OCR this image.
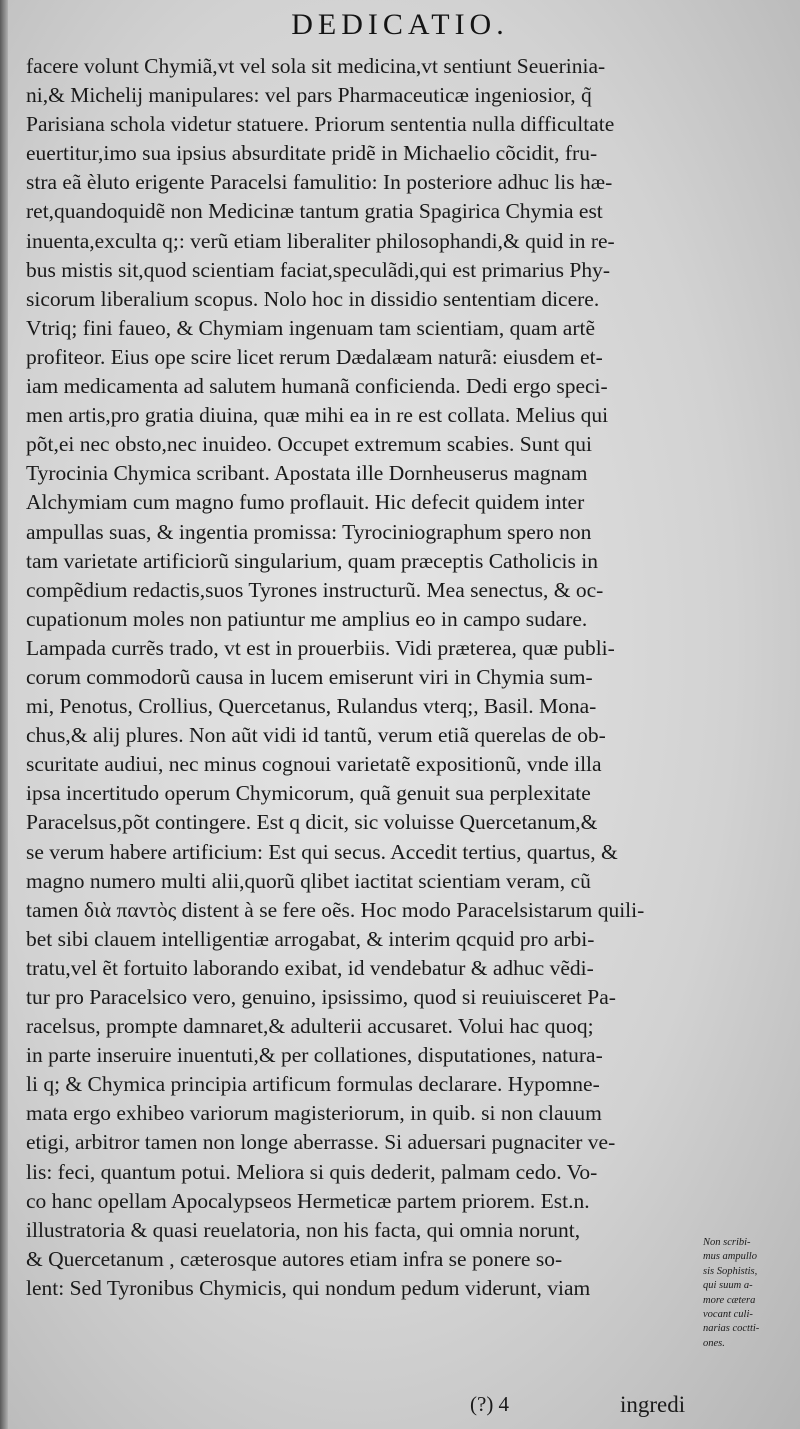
DEDICATIO.
facere volunt Chymiã,vt vel sola sit medicina,vt sentiunt Seuerinia-
ni,& Michelij manipulares: vel pars Pharmaceuticæ ingeniosior, q̃
Parisiana schola videtur statuere. Priorum sententia nulla difficultate
euertitur,imo sua ipsius absurditate pridẽ in Michaelio cõcidit, fru-
stra eã èluto erigente Paracelsi famulitio: In posteriore adhuc lis hæ-
ret,quandoquidẽ non Medicinæ tantum gratia Spagirica Chymia est
inuenta,exculta q;: verũ etiam liberaliter philosophandi,& quid in re-
bus mistis sit,quod scientiam faciat,speculãdi,qui est primarius Phy-
sicorum liberalium scopus. Nolo hoc in dissidio sententiam dicere.
Vtriq; fini faueo, & Chymiam ingenuam tam scientiam, quam artẽ
profiteor. Eius ope scire licet rerum Dædalæam naturã: eiusdem et-
iam medicamenta ad salutem humanã conficienda. Dedi ergo speci-
men artis,pro gratia diuina, quæ mihi ea in re est collata. Melius qui
põt,ei nec obsto,nec inuideo. Occupet extremum scabies. Sunt qui
Tyrocinia Chymica scribant. Apostata ille Dornheuserus magnam
Alchymiam cum magno fumo proflauit. Hic defecit quidem inter
ampullas suas, & ingentia promissa: Tyrociniographum spero non
tam varietate artificiorũ singularium, quam præceptis Catholicis in
compẽdium redactis,suos Tyrones instructurũ. Mea senectus, & oc-
cupationum moles non patiuntur me amplius eo in campo sudare.
Lampada currẽs trado, vt est in prouerbiis. Vidi præterea, quæ publi-
corum commodorũ causa in lucem emiserunt viri in Chymia sum-
mi, Penotus, Crollius, Quercetanus, Rulandus vterq;, Basil. Mona-
chus,& alij plures. Non aũt vidi id tantũ, verum etiã querelas de ob-
scuritate audiui, nec minus cognoui varietatẽ expositionũ, vnde illa
ipsa incertitudo operum Chymicorum, quã genuit sua perplexitate
Paracelsus,põt contingere. Est q dicit, sic voluisse Quercetanum,&
se verum habere artificium: Est qui secus. Accedit tertius, quartus, &
magno numero multi alii,quorũ qlibet iactitat scientiam veram, cũ
tamen διὰ παντὸς distent à se fere oẽs. Hoc modo Paracelsistarum quili-
bet sibi clauem intelligentiæ arrogabat, & interim qcquid pro arbi-
tratu,vel ẽt fortuito laborando exibat, id vendebatur & adhuc vẽdi-
tur pro Paracelsico vero, genuino, ipsissimo, quod si reuiuisceret Pa-
racelsus, prompte damnaret,& adulterii accusaret. Volui hac quoq;
in parte inseruire inuentuti,& per collationes, disputationes, natura-
li q; & Chymica principia artificum formulas declarare. Hypomne-
mata ergo exhibeo variorum magisteriorum, in quib. si non clauum
etigi, arbitror tamen non longe aberrasse. Si aduersari pugnaciter ve-
lis: feci, quantum potui. Meliora si quis dederit, palmam cedo. Vo-
co hanc opellam Apocalypseos Hermeticæ partem priorem. Est.n.
illustratoria & quasi reuelatoria, non his facta, qui omnia norunt,
& Quercetanum , cæterosque autores etiam infra se ponere so-
lent: Sed Tyronibus Chymicis, qui nondum pedum viderunt, viam
Non scribi-
mus ampullo
sis Sophistis,
qui suum a-
more cætera
vocant culi-
narias coctti-
ones.
(?) 4	ingredi
